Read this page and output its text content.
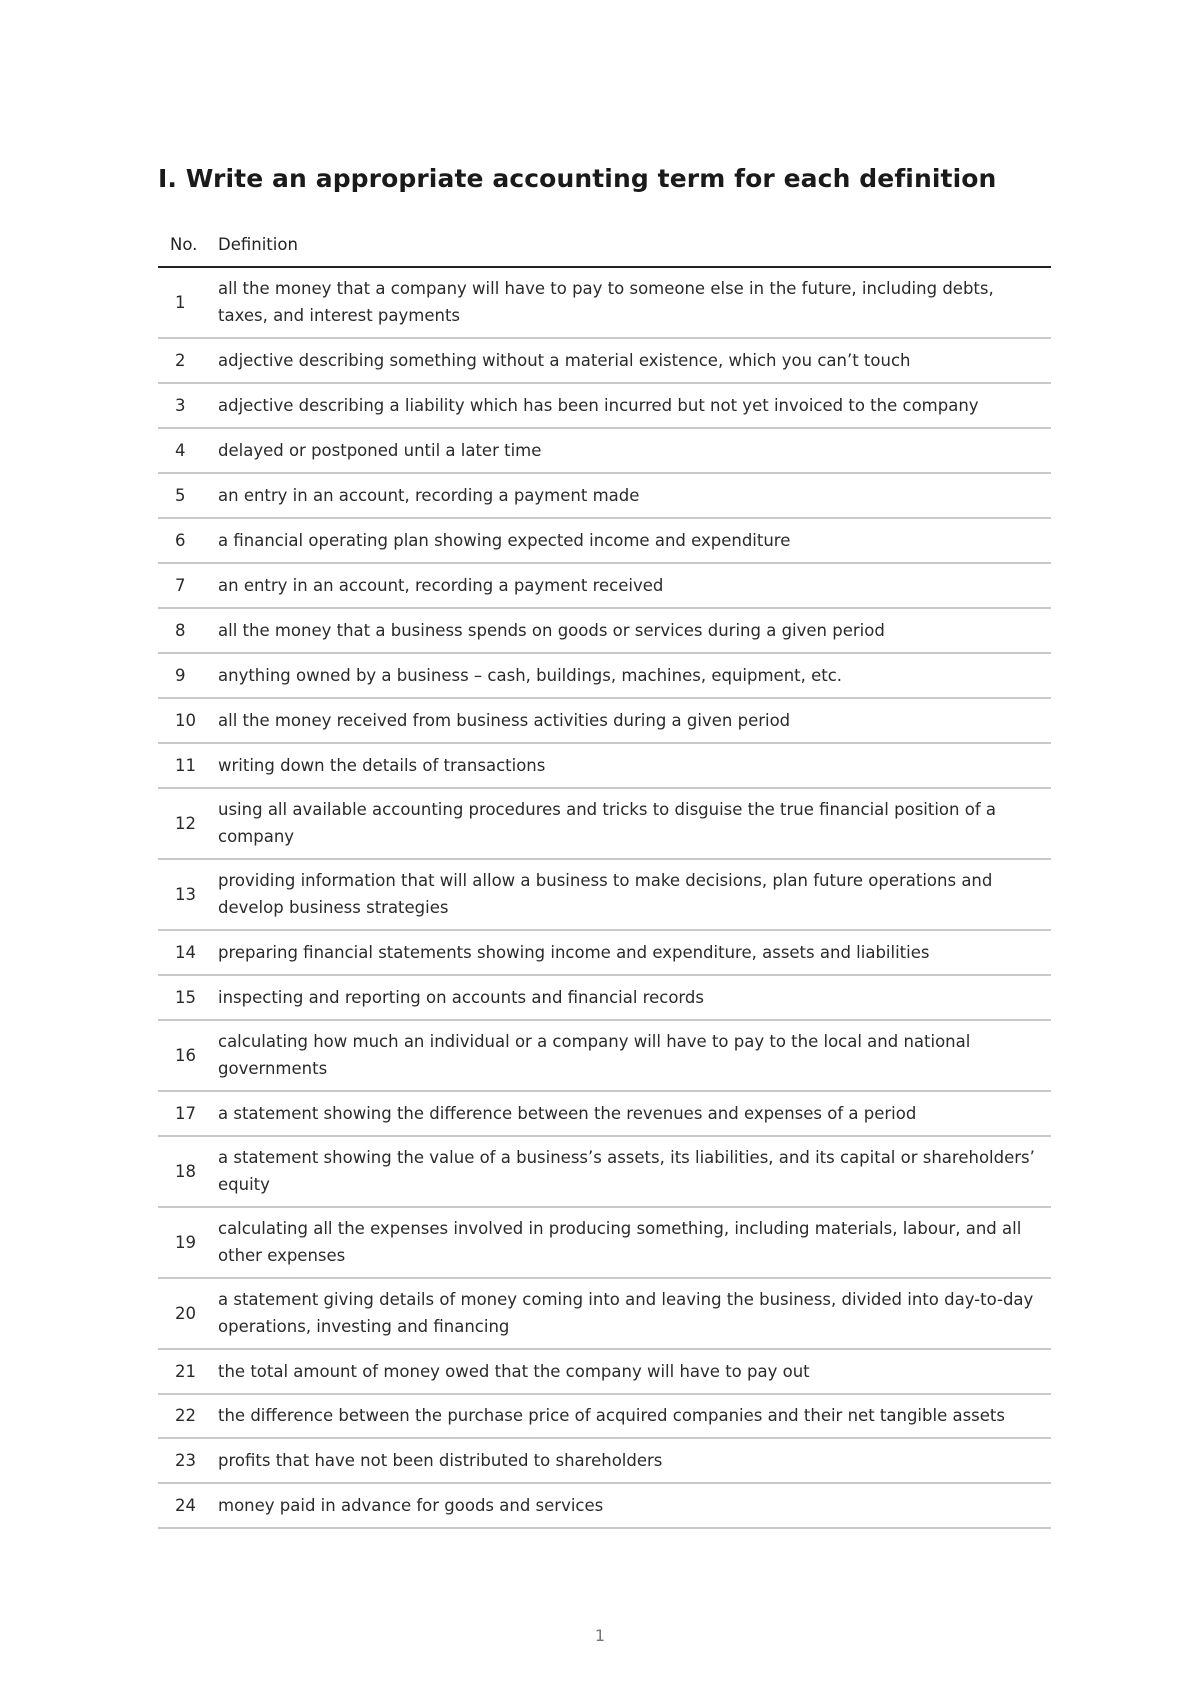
I. Write an appropriate accounting term for each definition
No.	Definition
1	all the money that a company will have to pay to someone else in the future, including debts, taxes, and interest payments
2	adjective describing something without a material existence, which you can’t touch
3	adjective describing a liability which has been incurred but not yet invoiced to the company
4	delayed or postponed until a later time
5	an entry in an account, recording a payment made
6	a financial operating plan showing expected income and expenditure
7	an entry in an account, recording a payment received
8	all the money that a business spends on goods or services during a given period
9	anything owned by a business – cash, buildings, machines, equipment, etc.
10	all the money received from business activities during a given period
11	writing down the details of transactions
12	using all available accounting procedures and tricks to disguise the true financial position of a company
13	providing information that will allow a business to make decisions, plan future operations and develop business strategies
14	preparing financial statements showing income and expenditure, assets and liabilities
15	inspecting and reporting on accounts and financial records
16	calculating how much an individual or a company will have to pay to the local and national governments
17	a statement showing the difference between the revenues and expenses of a period
18	a statement showing the value of a business’s assets, its liabilities, and its capital or shareholders’ equity
19	calculating all the expenses involved in producing something, including materials, labour, and all other expenses
20	a statement giving details of money coming into and leaving the business, divided into day-to-day operations, investing and financing
21	the total amount of money owed that the company will have to pay out
22	the difference between the purchase price of acquired companies and their net tangible assets
23	profits that have not been distributed to shareholders
24	money paid in advance for goods and services
1
